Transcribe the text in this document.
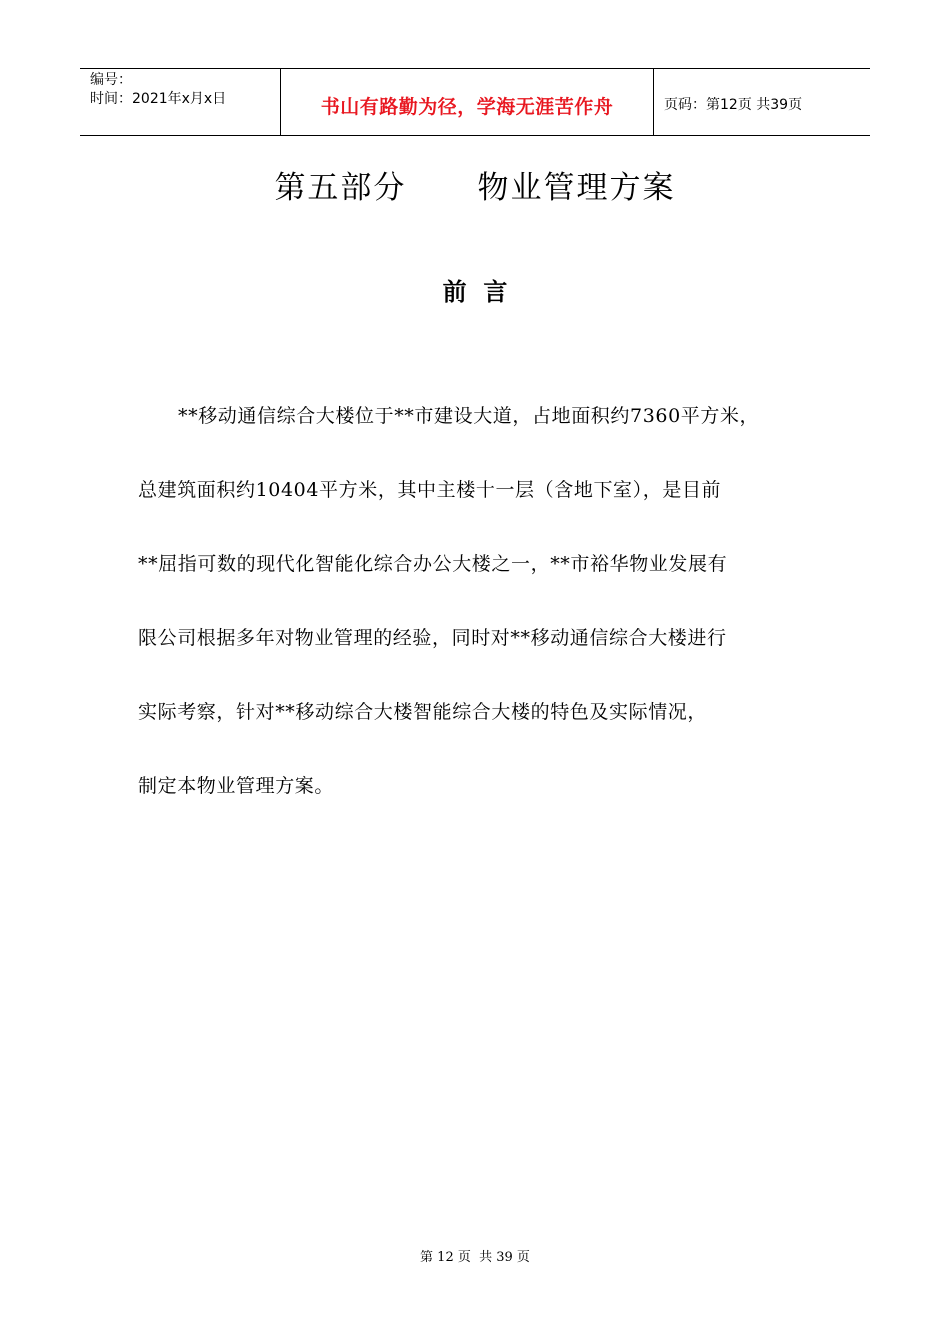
编号：
时间：2021年x月x日	书山有路勤为径，学海无涯苦作舟	页码：第12页 共39页
第五部分      物业管理方案
前  言
**移动通信综合大楼位于**市建设大道，占地面积约7360平方米，
总建筑面积约10404平方米，其中主楼十一层（含地下室），是目前
**屈指可数的现代化智能化综合办公大楼之一，**市裕华物业发展有
限公司根据多年对物业管理的经验，同时对**移动通信综合大楼进行
实际考察，针对**移动综合大楼智能综合大楼的特色及实际情况，
制定本物业管理方案。
第 12 页  共 39 页
